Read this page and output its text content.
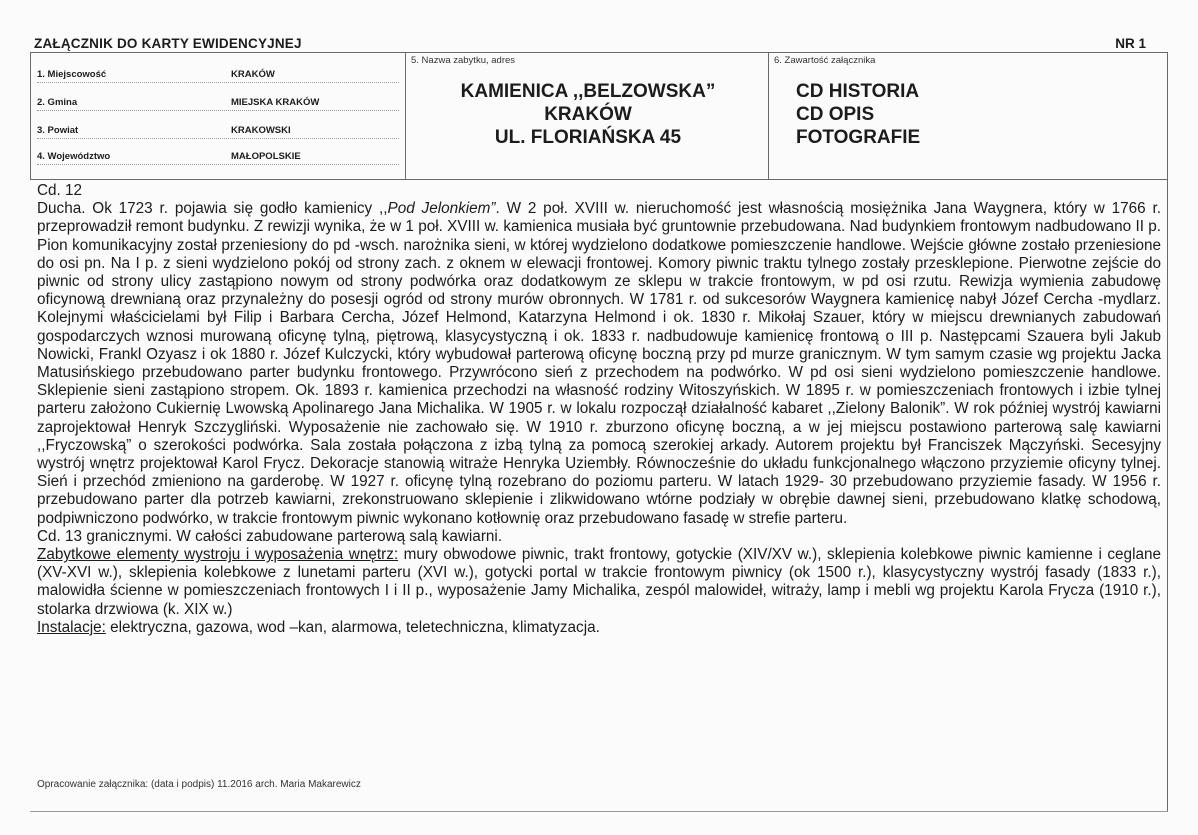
ZAŁĄCZNIK DO KARTY EWIDENCYJNEJ	NR 1
1. Miejscowość	KRAKÓW
2. Gmina	MIEJSKA KRAKÓW
3. Powiat	KRAKOWSKI
4. Województwo	MAŁOPOLSKIE
5. Nazwa zabytku, adres
KAMIENICA ,,BELZOWSKA”
KRAKÓW
UL. FLORIAŃSKA 45
6. Zawartość załącznika
CD HISTORIA
CD OPIS
FOTOGRAFIE

Cd. 12

Ducha. Ok 1723 r. pojawia się godło kamienicy ,,Pod Jelonkiem”. W 2 poł. XVIII w. nieruchomość jest własnością mosiężnika Jana Waygnera, który w 1766 r. przeprowadził remont budynku. Z rewizji wynika, że w 1 poł. XVIII w. kamienica musiała być gruntownie przebudowana. Nad budynkiem frontowym nadbudowano II p. Pion komunikacyjny został przeniesiony do pd -wsch. narożnika sieni, w której wydzielono dodatkowe pomieszczenie handlowe. Wejście główne zostało przeniesione do osi pn. Na I p. z sieni wydzielono pokój od strony zach. z oknem w elewacji frontowej. Komory piwnic traktu tylnego zostały przesklepione. Pierwotne zejście do piwnic od strony ulicy zastąpiono nowym od strony podwórka oraz dodatkowym ze sklepu w trakcie frontowym, w pd osi rzutu. Rewizja wymienia zabudowę oficynową drewnianą oraz przynależny do posesji ogród od strony murów obronnych. W 1781 r. od sukcesorów Waygnera kamienicę nabył Józef Cercha -mydlarz. Kolejnymi właścicielami był Filip i Barbara Cercha, Józef Helmond, Katarzyna Helmond i ok. 1830 r. Mikołaj Szauer, który w miejscu drewnianych zabudowań gospodarczych wznosi murowaną oficynę tylną, piętrową, klasycystyczną i ok. 1833 r. nadbudowuje kamienicę frontową o III p. Następcami Szauera byli Jakub Nowicki, Frankl Ozyasz i ok 1880 r. Józef Kulczycki, który wybudował parterową oficynę boczną przy pd murze granicznym. W tym samym czasie wg projektu Jacka Matusińskiego przebudowano parter budynku frontowego. Przywrócono sień z przechodem na podwórko. W pd osi sieni wydzielono pomieszczenie handlowe. Sklepienie sieni zastąpiono stropem. Ok. 1893 r. kamienica przechodzi na własność rodziny Witoszyńskich. W 1895 r. w pomieszczeniach frontowych i izbie tylnej parteru założono Cukiernię Lwowską Apolinarego Jana Michalika. W 1905 r. w lokalu rozpoczął działalność kabaret ,,Zielony Balonik”. W rok później wystrój kawiarni zaprojektował Henryk Szczygliński. Wyposażenie nie zachowało się. W 1910 r. zburzono oficynę boczną, a w jej miejscu postawiono parterową salę kawiarni ,,Fryczowską” o szerokości podwórka. Sala została połączona z izbą tylną za pomocą szerokiej arkady. Autorem projektu był Franciszek Mączyński. Secesyjny wystrój wnętrz projektował Karol Frycz. Dekoracje stanowią witraże Henryka Uziembły. Równocześnie do układu funkcjonalnego włączono przyziemie oficyny tylnej. Sień i przechód zmieniono na garderobę. W 1927 r. oficynę tylną rozebrano do poziomu parteru. W latach 1929- 30 przebudowano przyziemie fasady. W 1956 r. przebudowano parter dla potrzeb kawiarni, zrekonstruowano sklepienie i zlikwidowano wtórne podziały w obrębie dawnej sieni, przebudowano klatkę schodową, podpiwniczono podwórko, w trakcie frontowym piwnic wykonano kotłownię oraz przebudowano fasadę w strefie parteru.

Cd. 13 granicznymi. W całości zabudowane parterową salą kawiarni.

Zabytkowe elementy wystroju i wyposażenia wnętrz: mury obwodowe piwnic, trakt frontowy, gotyckie (XIV/XV w.), sklepienia kolebkowe piwnic kamienne i ceglane (XV-XVI w.), sklepienia kolebkowe z lunetami parteru (XVI w.), gotycki portal w trakcie frontowym piwnicy (ok 1500 r.), klasycystyczny wystrój fasady (1833 r.), malowidła ścienne w pomieszczeniach frontowych I i II p., wyposażenie Jamy Michalika, zespól malowideł, witraży, lamp i mebli wg projektu Karola Frycza (1910 r.), stolarka drzwiowa (k. XIX w.)

Instalacje: elektryczna, gazowa, wod –kan, alarmowa, teletechniczna, klimatyzacja.

Opracowanie załącznika: (data i podpis) 11.2016 arch. Maria Makarewicz
